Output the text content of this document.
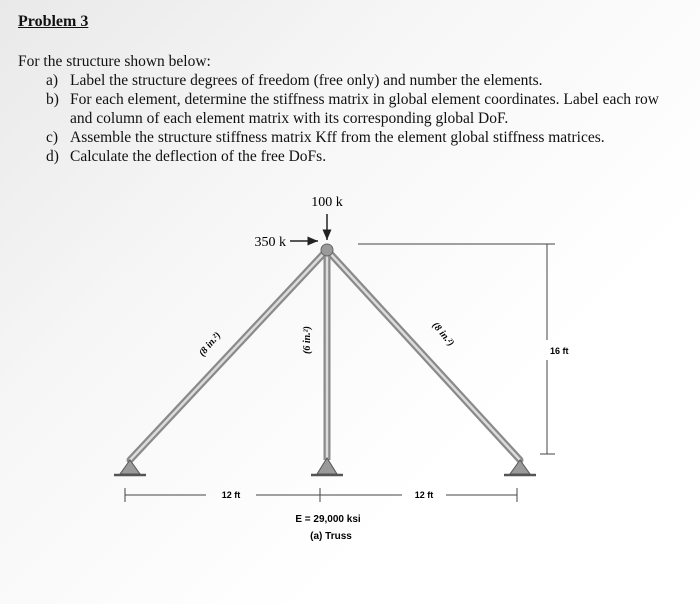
Problem 3
For the structure shown below:
a) Label the structure degrees of freedom (free only) and number the elements.
b) For each element, determine the stiffness matrix in global element coordinates. Label each row and column of each element matrix with its corresponding global DoF.
c) Assemble the structure stiffness matrix Kff from the element global stiffness matrices.
d) Calculate the deflection of the free DoFs.
100 k
350 k
(8 in.²)	(6 in.²)	(8 in.²)
16 ft
12 ft	12 ft
E = 29,000 ksi
(a) Truss
